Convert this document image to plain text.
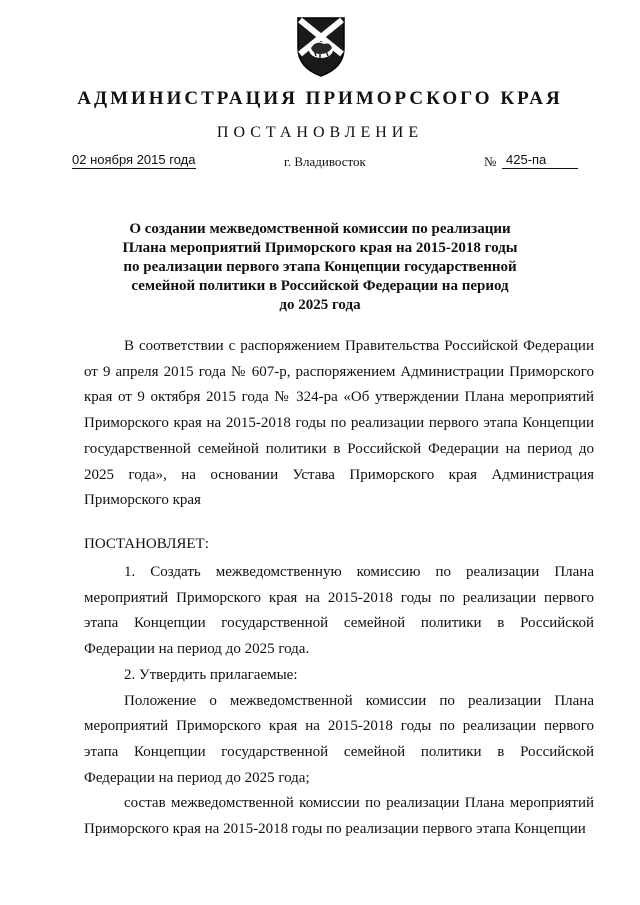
АДМИНИСТРАЦИЯ ПРИМОРСКОГО КРАЯ
ПОСТАНОВЛЕНИЕ
02 ноября 2015 года	г. Владивосток	№ 425-па
О создании межведомственной комиссии по реализации
Плана мероприятий Приморского края на 2015-2018 годы
по реализации первого этапа Концепции государственной
семейной политики в Российской Федерации на период
до 2025 года

В соответствии с распоряжением Правительства Российской Федерации от 9 апреля 2015 года № 607-р, распоряжением Администрации Приморского края от 9 октября 2015 года № 324-ра «Об утверждении Плана мероприятий Приморского края на 2015-2018 годы по реализации первого этапа Концепции государственной семейной политики в Российской Федерации на период до 2025 года», на основании Устава Приморского края Администрация Приморского края

ПОСТАНОВЛЯЕТ:

1. Создать межведомственную комиссию по реализации Плана мероприятий Приморского края на 2015-2018 годы по реализации первого этапа Концепции государственной семейной политики в Российской Федерации на период до 2025 года.

2. Утвердить прилагаемые:

Положение о межведомственной комиссии по реализации Плана мероприятий Приморского края на 2015-2018 годы по реализации первого этапа Концепции государственной семейной политики в Российской Федерации на период до 2025 года;

состав межведомственной комиссии по реализации Плана мероприятий Приморского края на 2015-2018 годы по реализации первого этапа Концепции
